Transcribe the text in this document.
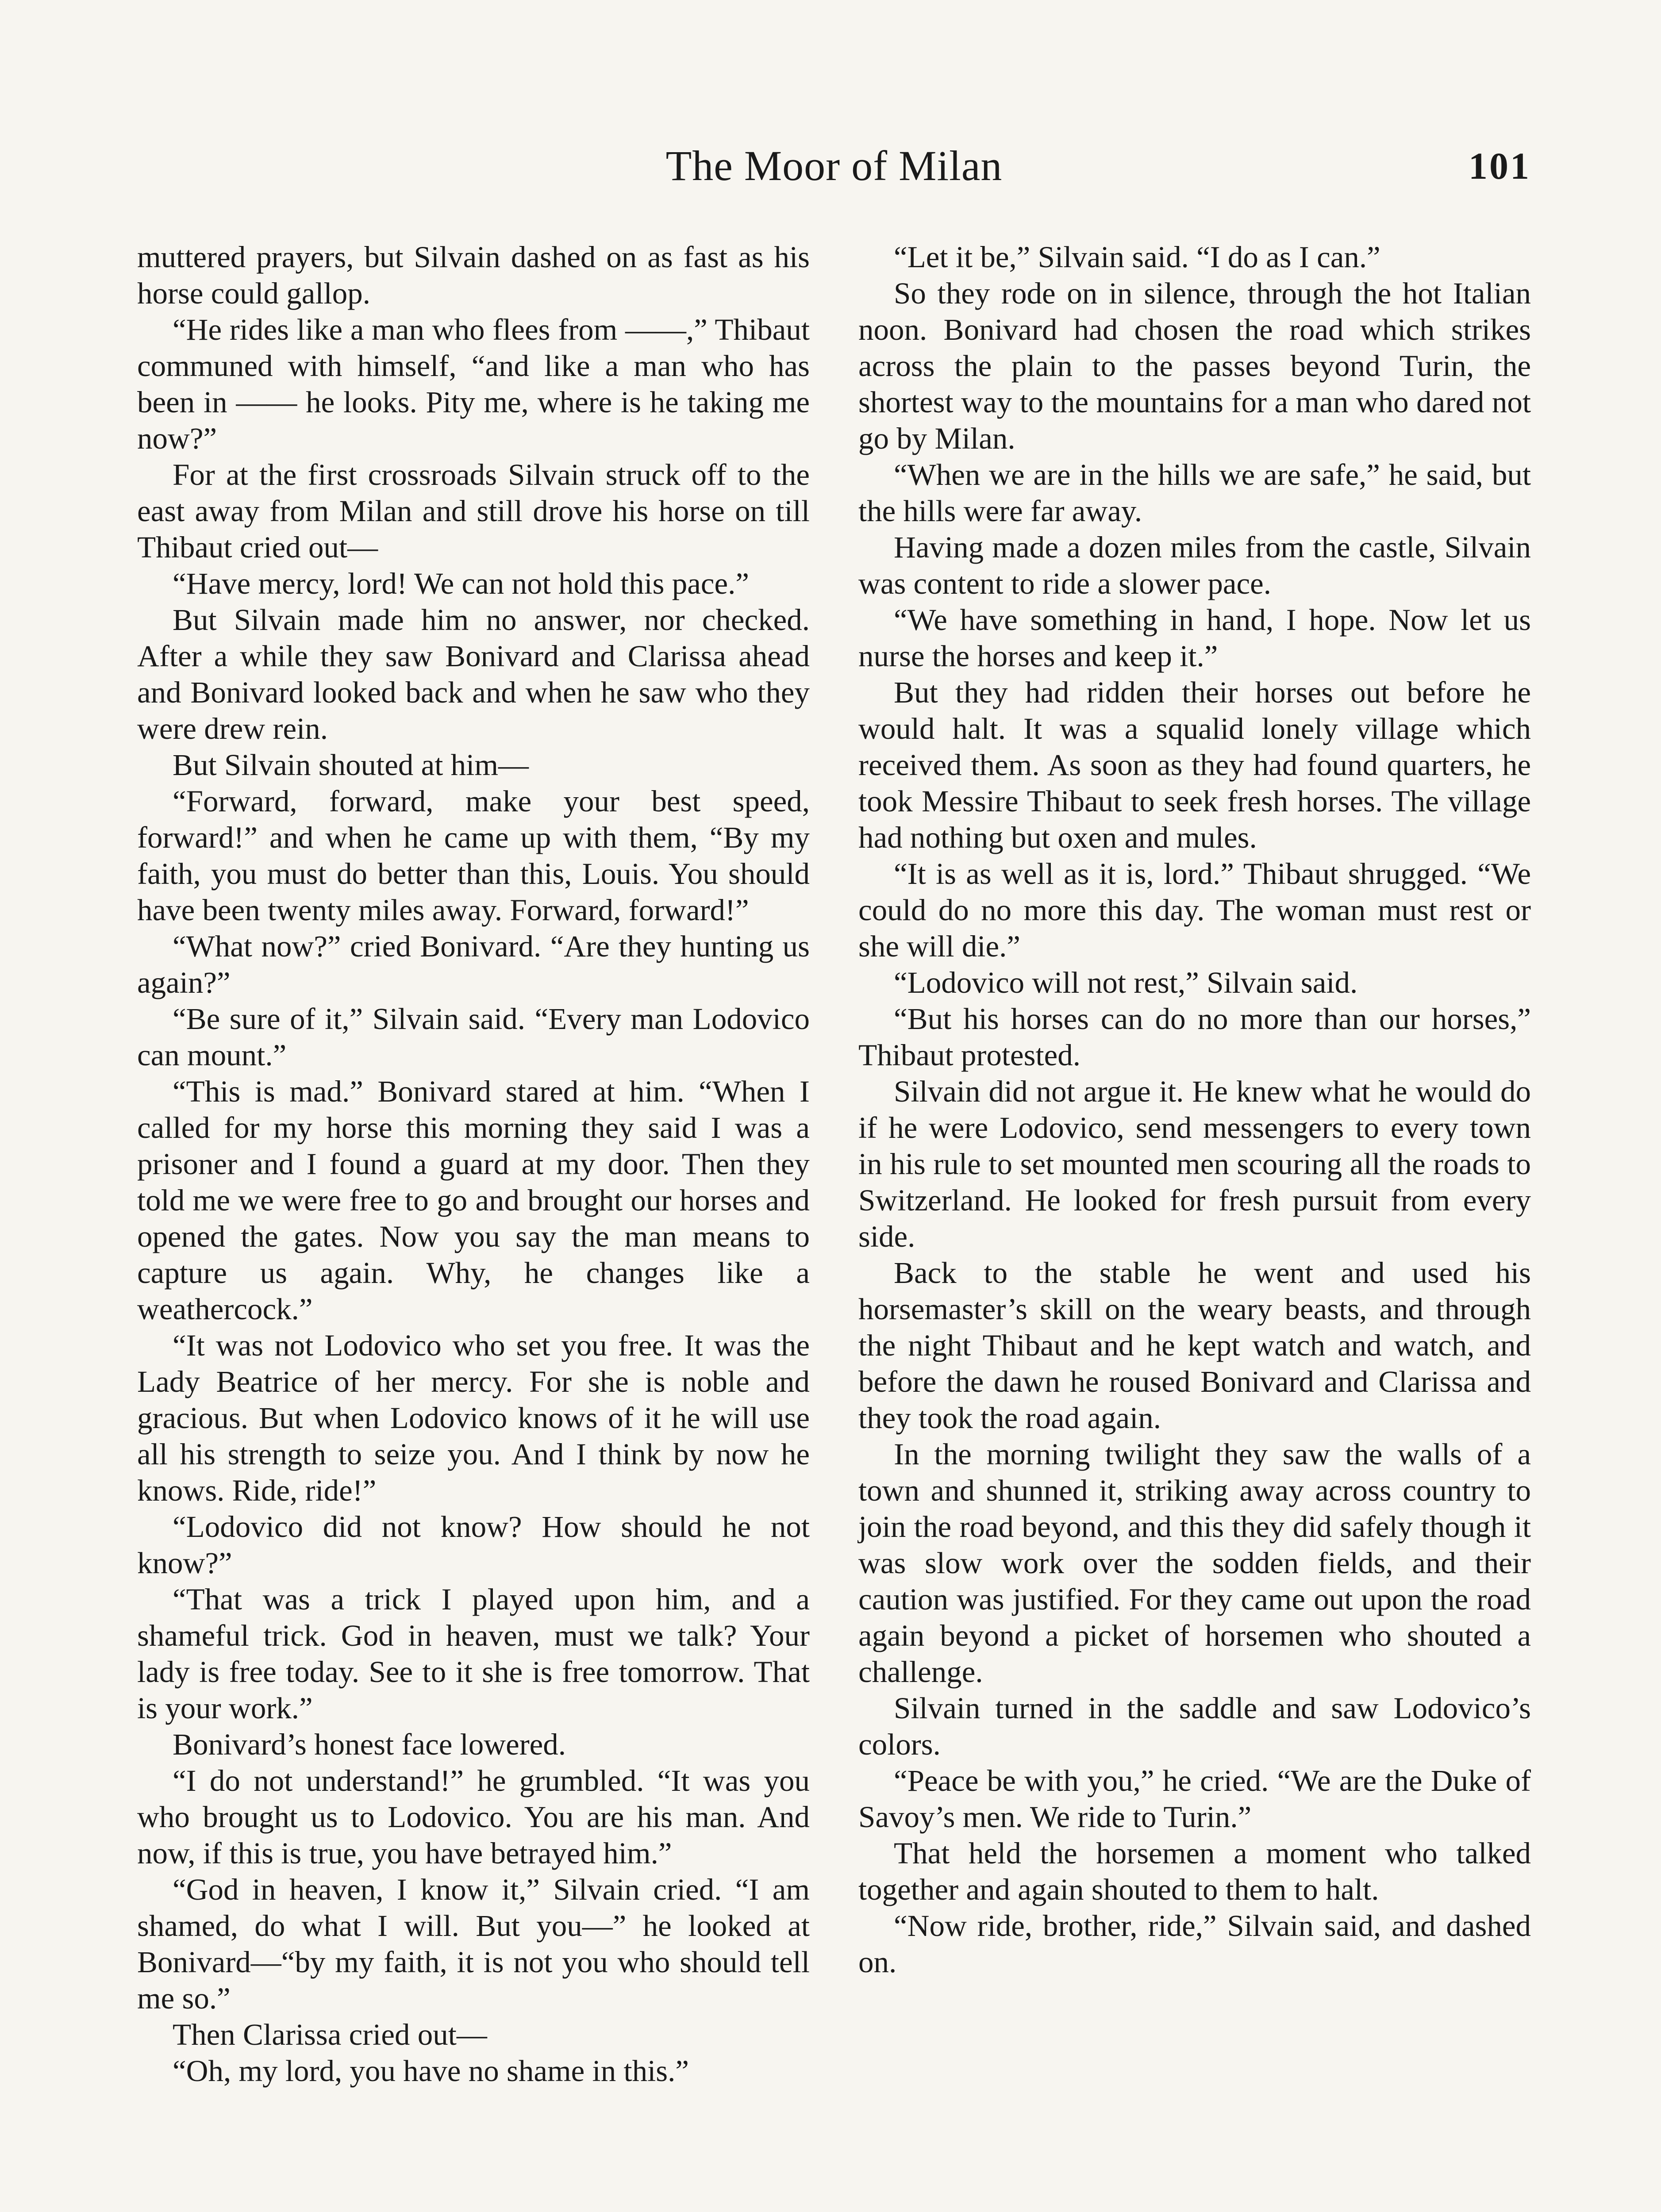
The Moor of Milan	101

muttered prayers, but Silvain dashed on as fast as his horse could gallop.

“He rides like a man who flees from ——,” Thibaut communed with himself, “and like a man who has been in —— he looks. Pity me, where is he taking me now?”

For at the first crossroads Silvain struck off to the east away from Milan and still drove his horse on till Thibaut cried out—

“Have mercy, lord! We can not hold this pace.”

But Silvain made him no answer, nor checked. After a while they saw Bonivard and Clarissa ahead and Bonivard looked back and when he saw who they were drew rein.

But Silvain shouted at him—

“Forward, forward, make your best speed, forward!” and when he came up with them, “By my faith, you must do better than this, Louis. You should have been twenty miles away. Forward, forward!”

“What now?” cried Bonivard. “Are they hunting us again?”

“Be sure of it,” Silvain said. “Every man Lodovico can mount.”

“This is mad.” Bonivard stared at him. “When I called for my horse this morning they said I was a prisoner and I found a guard at my door. Then they told me we were free to go and brought our horses and opened the gates. Now you say the man means to capture us again. Why, he changes like a weathercock.”

“It was not Lodovico who set you free. It was the Lady Beatrice of her mercy. For she is noble and gracious. But when Lodovico knows of it he will use all his strength to seize you. And I think by now he knows. Ride, ride!”

“Lodovico did not know? How should he not know?”

“That was a trick I played upon him, and a shameful trick. God in heaven, must we talk? Your lady is free today. See to it she is free tomorrow. That is your work.”

Bonivard’s honest face lowered.

“I do not understand!” he grumbled. “It was you who brought us to Lodovico. You are his man. And now, if this is true, you have betrayed him.”

“God in heaven, I know it,” Silvain cried. “I am shamed, do what I will. But you—” he looked at Bonivard—“by my faith, it is not you who should tell me so.”

Then Clarissa cried out—

“Oh, my lord, you have no shame in this.”

“Let it be,” Silvain said. “I do as I can.”

So they rode on in silence, through the hot Italian noon. Bonivard had chosen the road which strikes across the plain to the passes beyond Turin, the shortest way to the mountains for a man who dared not go by Milan.

“When we are in the hills we are safe,” he said, but the hills were far away.

Having made a dozen miles from the castle, Silvain was content to ride a slower pace.

“We have something in hand, I hope. Now let us nurse the horses and keep it.”

But they had ridden their horses out before he would halt. It was a squalid lonely village which received them. As soon as they had found quarters, he took Messire Thibaut to seek fresh horses. The village had nothing but oxen and mules.

“It is as well as it is, lord.” Thibaut shrugged. “We could do no more this day. The woman must rest or she will die.”

“Lodovico will not rest,” Silvain said.

“But his horses can do no more than our horses,” Thibaut protested.

Silvain did not argue it. He knew what he would do if he were Lodovico, send messengers to every town in his rule to set mounted men scouring all the roads to Switzerland. He looked for fresh pursuit from every side.

Back to the stable he went and used his horsemaster’s skill on the weary beasts, and through the night Thibaut and he kept watch and watch, and before the dawn he roused Bonivard and Clarissa and they took the road again.

In the morning twilight they saw the walls of a town and shunned it, striking away across country to join the road beyond, and this they did safely though it was slow work over the sodden fields, and their caution was justified. For they came out upon the road again beyond a picket of horsemen who shouted a challenge.

Silvain turned in the saddle and saw Lodovico’s colors.

“Peace be with you,” he cried. “We are the Duke of Savoy’s men. We ride to Turin.”

That held the horsemen a moment who talked together and again shouted to them to halt.

“Now ride, brother, ride,” Silvain said, and dashed on.
